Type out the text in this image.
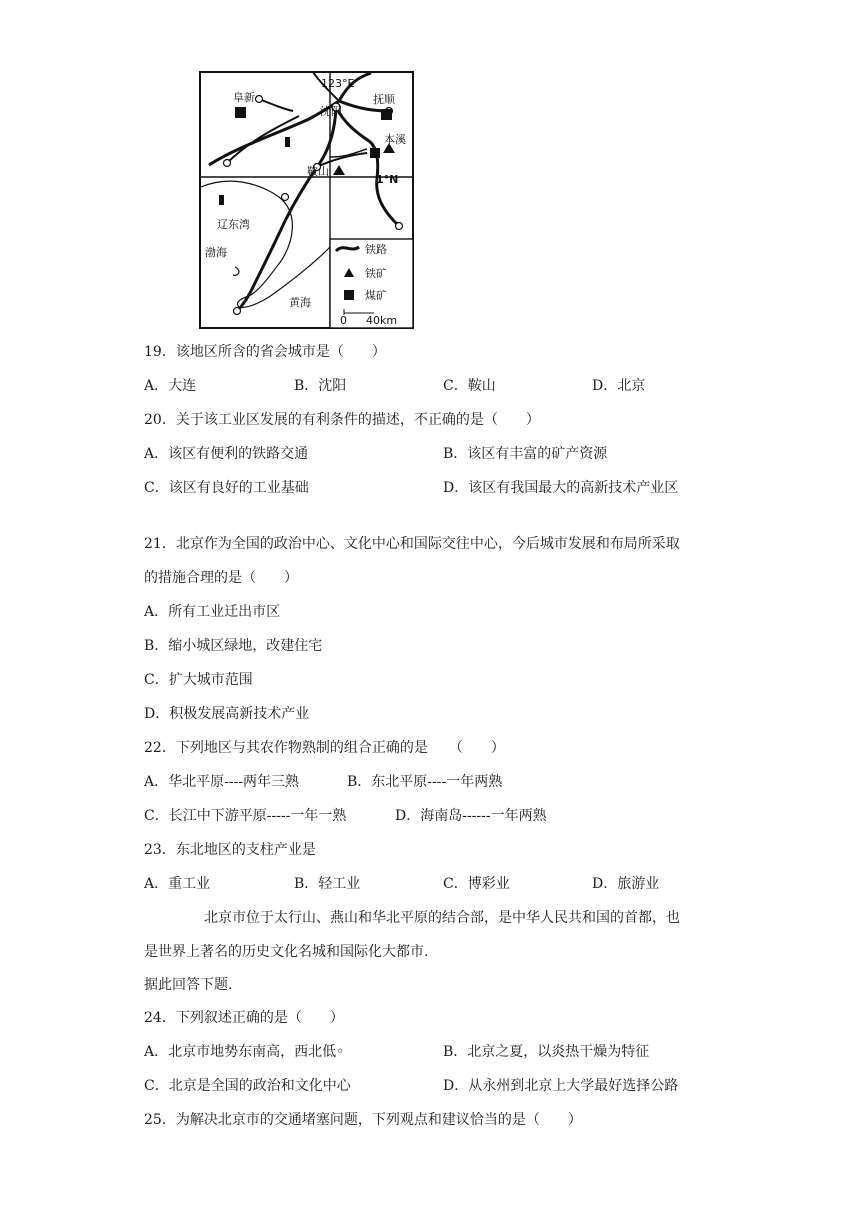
123°E
阜新
沈阳
抚顺
本溪
鞍山
1°N
辽东湾
渤海
黄海
铁路
铁矿
煤矿
0 40km
19．该地区所含的省会城市是（　　）
A．大连	B．沈阳	C．鞍山	D．北京
20．关于该工业区发展的有利条件的描述，不正确的是（　　）
A．该区有便利的铁路交通	B．该区有丰富的矿产资源
C．该区有良好的工业基础	D．该区有我国最大的高新技术产业区
21．北京作为全国的政治中心、文化中心和国际交往中心，今后城市发展和布局所采取
的措施合理的是（　　）
A．所有工业迁出市区
B．缩小城区绿地，改建住宅
C．扩大城市范围
D．积极发展高新技术产业
22．下列地区与其农作物熟制的组合正确的是　　（　　）
A．华北平原----两年三熟	B．东北平原----一年两熟
C．长江中下游平原-----一年一熟	D．海南岛------一年两熟
23．东北地区的支柱产业是
A．重工业	B．轻工业	C．博彩业	D．旅游业
北京市位于太行山、燕山和华北平原的结合部，是中华人民共和国的首都，也
是世界上著名的历史文化名城和国际化大都市.
据此回答下题.
24．下列叙述正确的是（　　）
A．北京市地势东南高，西北低◦	B．北京之夏，以炎热干燥为特征
C．北京是全国的政治和文化中心	D．从永州到北京上大学最好选择公路
25．为解决北京市的交通堵塞问题，下列观点和建议恰当的是（　　）
